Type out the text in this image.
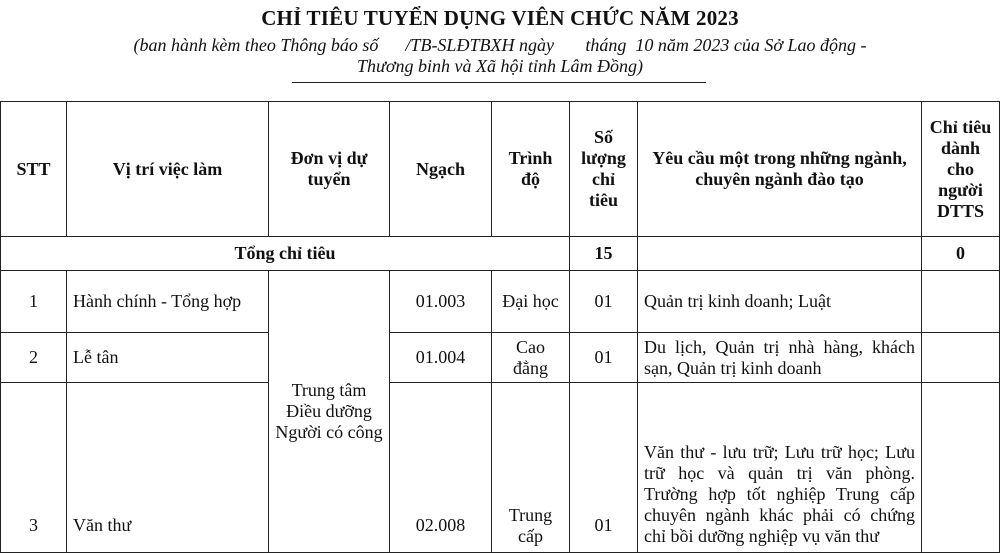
CHỈ TIÊU TUYỂN DỤNG VIÊN CHỨC NĂM 2023
(ban hành kèm theo Thông báo số      /TB-SLĐTBXH ngày       tháng  10 năm 2023 của Sở Lao động -
Thương binh và Xã hội tỉnh Lâm Đồng)
STT	Vị trí việc làm	Đơn vị dự tuyển	Ngạch	Trình độ	Số lượng chỉ tiêu	Yêu cầu một trong những ngành, chuyên ngành đào tạo	Chỉ tiêu dành cho người DTTS
Tổng chỉ tiêu					15		0
1	Hành chính - Tổng hợp	Trung tâm Điều dưỡng Người có công	01.003	Đại học	01	Quản trị kinh doanh; Luật	
2	Lễ tân		01.004	Cao đẳng	01	Du lịch, Quản trị nhà hàng, khách sạn, Quản trị kinh doanh	
3	Văn thư		02.008	Trung cấp	01	Văn thư - lưu trữ; Lưu trữ học; Lưu trữ học và quản trị văn phòng. Trường hợp tốt nghiệp Trung cấp chuyên ngành khác phải có chứng chỉ bồi dưỡng nghiệp vụ văn thư	
